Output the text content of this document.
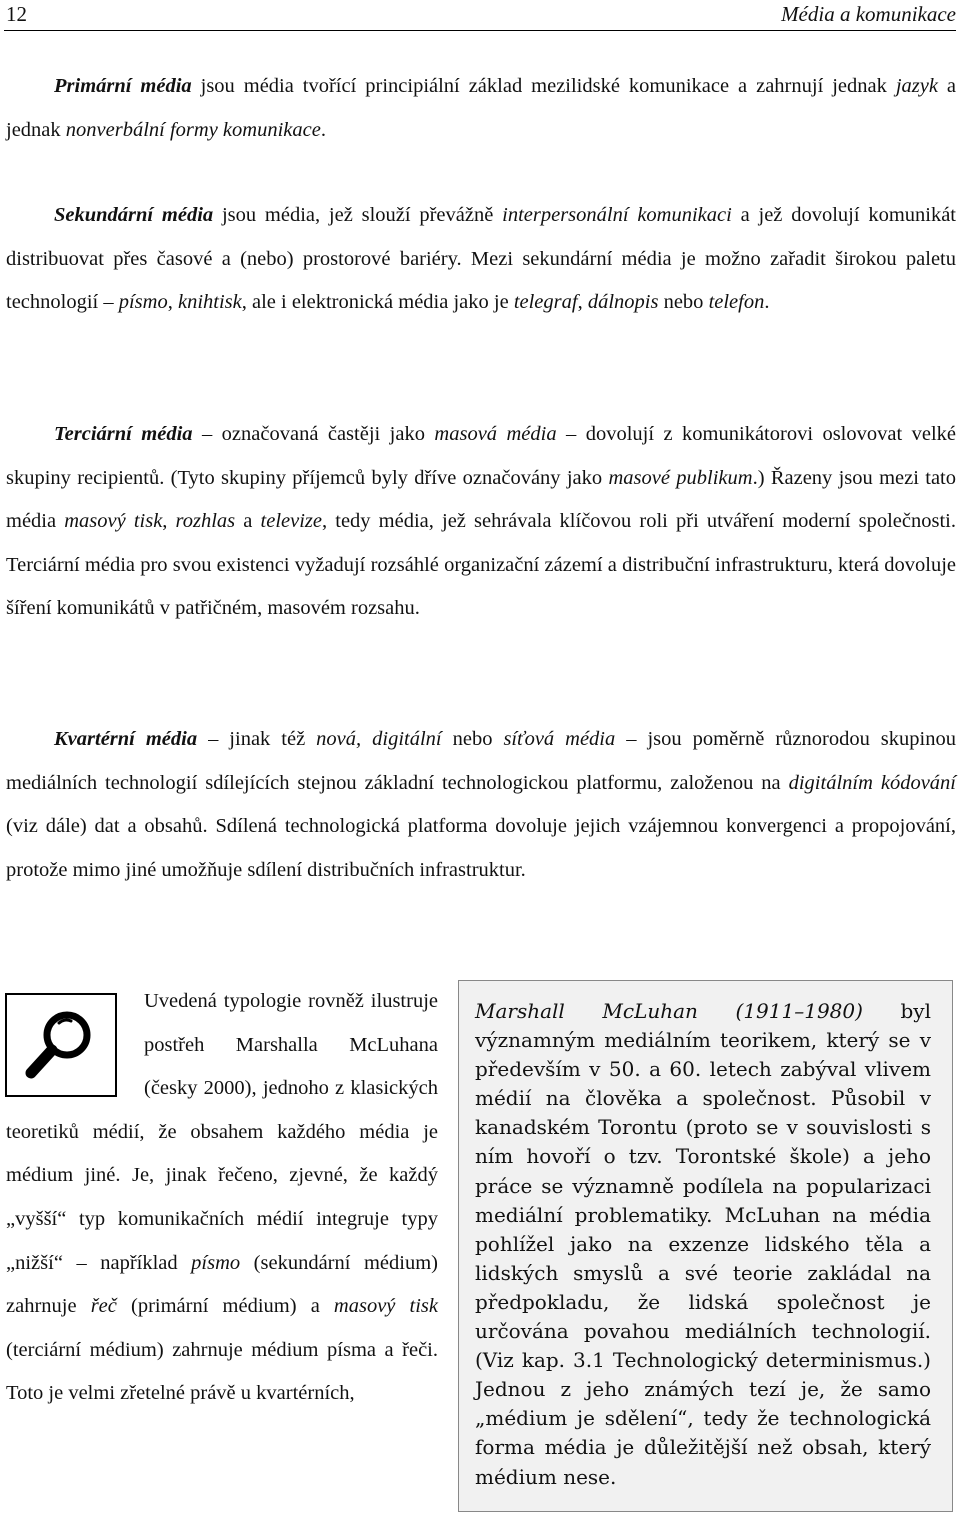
12	Média a komunikace

Primární média jsou média tvořící principiální základ mezilidské komunikace a zahrnují jednak jazyk a jednak nonverbální formy komunikace.

Sekundární média jsou média, jež slouží převážně interpersonální komunikaci a jež dovolují komunikát distribuovat přes časové a (nebo) prostorové bariéry. Mezi sekundární média je možno zařadit širokou paletu technologií – písmo, knihtisk, ale i elektronická média jako je telegraf, dálnopis nebo telefon.

Terciární média – označovaná častěji jako masová média – dovolují z komunikátorovi oslovovat velké skupiny recipientů. (Tyto skupiny příjemců byly dříve označovány jako masové publikum.) Řazeny jsou mezi tato média masový tisk, rozhlas a televize, tedy média, jež sehrávala klíčovou roli při utváření moderní společnosti. Terciární média pro svou existenci vyžadují rozsáhlé organizační zázemí a distribuční infrastrukturu, která dovoluje šíření komunikátů v patřičném, masovém rozsahu.

Kvartérní média – jinak též nová, digitální nebo síťová média – jsou poměrně různorodou skupinou mediálních technologií sdílejících stejnou základní technologickou platformu, založenou na digitálním kódování (viz dále) dat a obsahů. Sdílená technologická platforma dovoluje jejich vzájemnou konvergenci a propojování, protože mimo jiné umožňuje sdílení distribučních infrastruktur.

Uvedená typologie rovněž ilustruje postřeh Marshalla McLuhana (česky 2000), jednoho z klasických teoretiků médií, že obsahem každého média je médium jiné. Je, jinak řečeno, zjevné, že každý „vyšší“ typ komunikačních médií integruje typy „nižší“ – například písmo (sekundární médium) zahrnuje řeč (primární médium) a masový tisk (terciární médium) zahrnuje médium písma a řeči. Toto je velmi zřetelné právě u kvartérních,

Marshall McLuhan (1911–1980) byl významným mediálním teorikem, který se v především v 50. a 60. letech zabýval vlivem médií na člověka a společnost. Působil v kanadském Torontu (proto se v souvislosti s ním hovoří o tzv. Torontské škole) a jeho práce se významně podílela na popularizaci mediální problematiky. McLuhan na média pohlížel jako na exzenze lidského těla a lidských smyslů a své teorie zakládal na předpokladu, že lidská společnost je určována povahou mediálních technologií. (Viz kap. 3.1 Technologický determinismus.) Jednou z jeho známých tezí je, že samo „médium je sdělení“, tedy že technologická forma média je důležitější než obsah, který médium nese.
